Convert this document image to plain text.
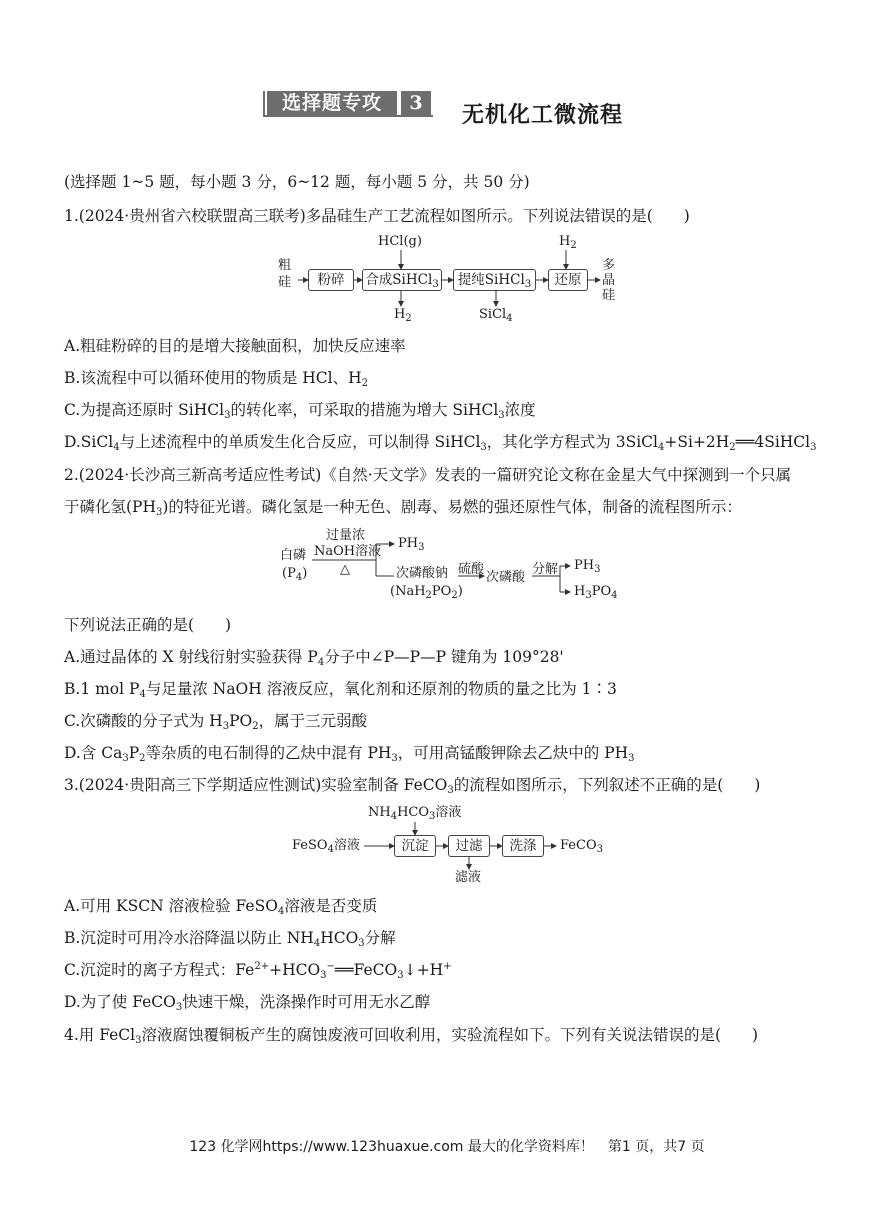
选择题专攻	3	无机化工微流程
(选择题 1~5 题，每小题 3 分，6~12 题，每小题 5 分，共 50 分)
1.(2024·贵州省六校联盟高三联考)多晶硅生产工艺流程如图所示。下列说法错误的是(　　)
粗
硅	粉碎	合成SiHCl$_3$	提纯SiHCl$_3$	还原
多
晶
硅
HCl(g)	$H_2$
$H_2$	SiCl$_4$
A.粗硅粉碎的目的是增大接触面积，加快反应速率
B.该流程中可以循环使用的物质是 HCl、$H_2$
C.为提高还原时 SiHCl$_3$的转化率，可采取的措施为增大 SiHCl$_3$浓度
D.SiCl$_4$与上述流程中的单质发生化合反应，可以制得 SiHCl$_3$，其化学方程式为 $3SiCl_4+Si+2H_2══4SiHCl_3$
2.(2024·长沙高三新高考适应性考试)《自然·天文学》发表的一篇研究论文称在金星大气中探测到一个只属
于磷化氢$(PH_3)$的特征光谱。磷化氢是一种无色、剧毒、易燃的强还原性气体，制备的流程图所示：
白磷
$(P_4)$
过量浓
NaOH溶液
△
$PH_3$
次磷酸钠
$(NaH_2PO_2)$
硫酸
次磷酸
分解 $PH_3$
$H_3PO_4$
下列说法正确的是(　　)
A.通过晶体的 X 射线衍射实验获得 $P_4$分子中∠P—P—P 键角为 109°28'
B.1 mol $P_4$与足量浓 NaOH 溶液反应，氧化剂和还原剂的物质的量之比为 1∶3
C.次磷酸的分子式为 $H_3PO_2$，属于三元弱酸
D.含 $Ca_3P_2$等杂质的电石制得的乙炔中混有 $PH_3$，可用高锰酸钾除去乙炔中的 $PH_3$
3.(2024·贵阳高三下学期适应性测试)实验室制备 FeCO$_3$的流程如图所示，下列叙述不正确的是(　　)
$NH_4HCO_3$溶液
FeSO$_4$溶液	沉淀	过滤	洗涤	FeCO$_3$
滤液
A.可用 KSCN 溶液检验 FeSO$_4$溶液是否变质
B.沉淀时可用冷水浴降温以防止 $NH_4HCO_3$分解
C.沉淀时的离子方程式：$Fe^{2+}+HCO_3^-══FeCO_3↓+H^+$
D.为了使 FeCO$_3$快速干燥，洗涤操作时可用无水乙醇
4.用 FeCl$_3$溶液腐蚀覆铜板产生的腐蚀废液可回收利用，实验流程如下。下列有关说法错误的是(　　)
123 化学网https://www.123huaxue.com 最大的化学资料库！　第1 页，共7 页
